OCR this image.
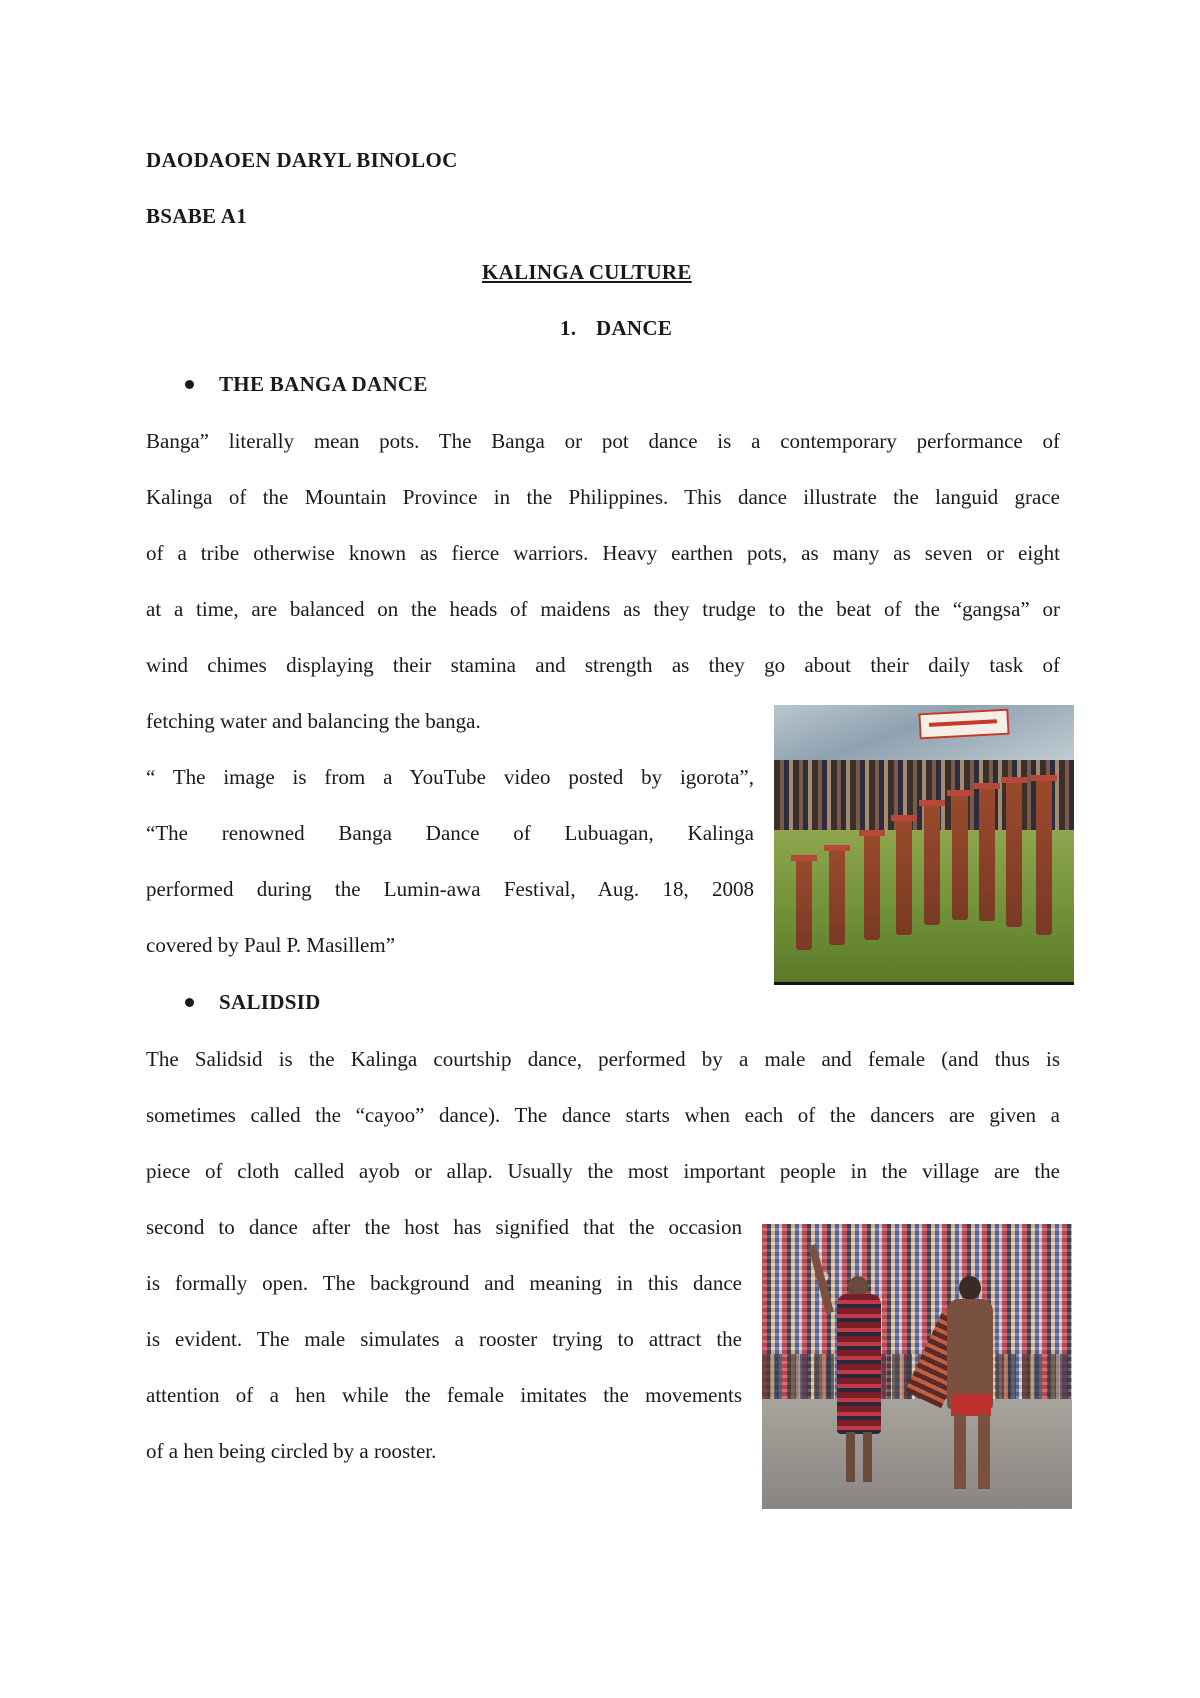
DAODAOEN DARYL BINOLOC
BSABE A1
KALINGA CULTURE
1. DANCE
THE BANGA DANCE
Banga” literally mean pots. The Banga or pot dance is a contemporary performance of
Kalinga of the Mountain Province in the Philippines. This dance illustrate the languid grace
of a tribe otherwise known as fierce warriors. Heavy earthen pots, as many as seven or eight
at a time, are balanced on the heads of maidens as they trudge to the beat of the “gangsa” or
wind chimes displaying their stamina and strength as they go about their daily task of
fetching water and balancing the banga.
“ The image is from a YouTube video posted by igorota”,
“The renowned Banga Dance of Lubuagan, Kalinga
performed during the Lumin-awa Festival, Aug. 18, 2008
covered by Paul P. Masillem”
SALIDSID
The Salidsid is the Kalinga courtship dance, performed by a male and female (and thus is
sometimes called the “cayoo” dance). The dance starts when each of the dancers are given a
piece of cloth called ayob or allap. Usually the most important people in the village are the
second to dance after the host has signified that the occasion
is formally open. The background and meaning in this dance
is evident. The male simulates a rooster trying to attract the
attention of a hen while the female imitates the movements
of a hen being circled by a rooster.
